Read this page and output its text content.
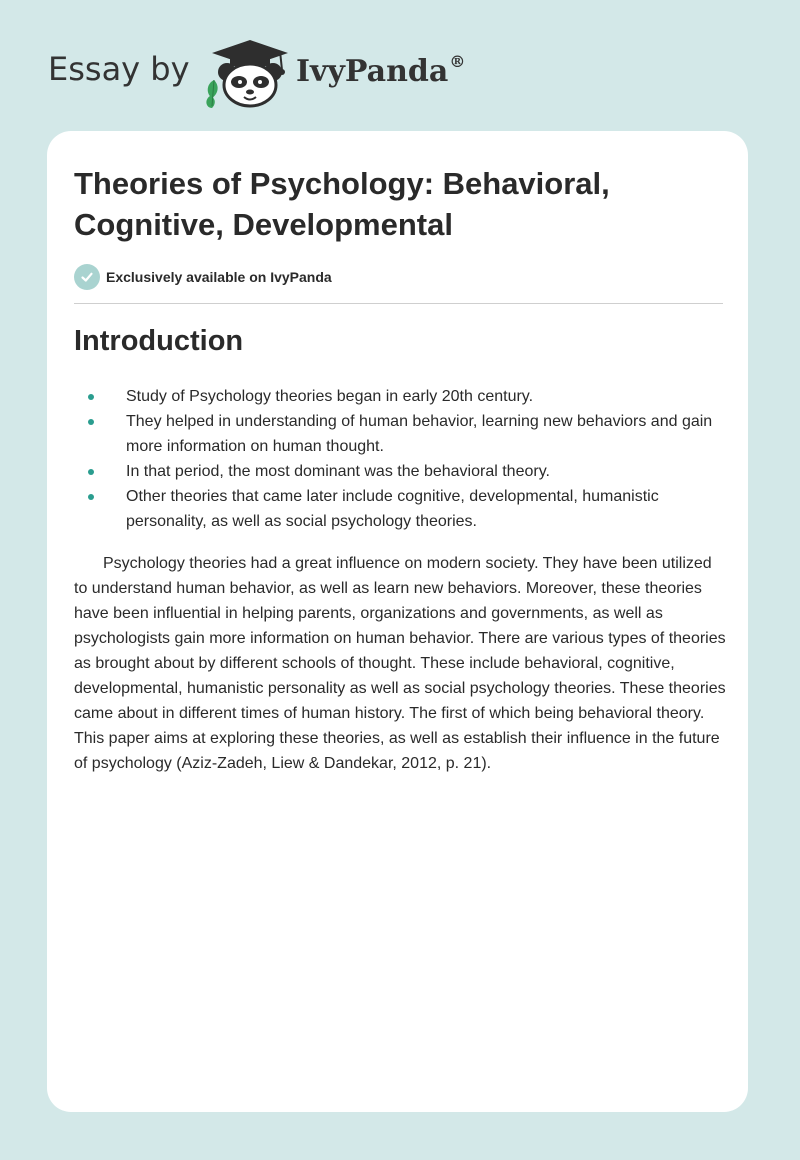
Essay by	IvyPanda®
Theories of Psychology: Behavioral, Cognitive, Developmental
Exclusively available on IvyPanda
Introduction
Study of Psychology theories began in early 20th century.
They helped in understanding of human behavior, learning new behaviors and gain more information on human thought.
In that period, the most dominant was the behavioral theory.
Other theories that came later include cognitive, developmental, humanistic personality, as well as social psychology theories.

Psychology theories had a great influence on modern society. They have been utilized to understand human behavior, as well as learn new behaviors. Moreover, these theories have been influential in helping parents, organizations and governments, as well as psychologists gain more information on human behavior. There are various types of theories as brought about by different schools of thought. These include behavioral, cognitive, developmental, humanistic personality as well as social psychology theories. These theories came about in different times of human history. The first of which being behavioral theory. This paper aims at exploring these theories, as well as establish their influence in the future of psychology (Aziz-Zadeh, Liew & Dandekar, 2012, p. 21).
